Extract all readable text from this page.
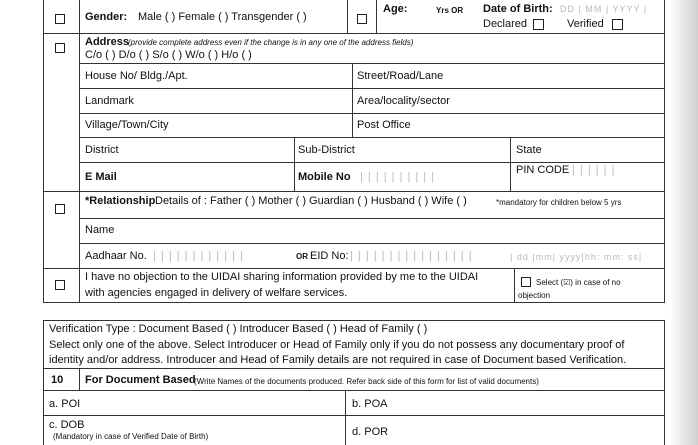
Gender: Male ( ) Female ( ) Transgender ( )
Age:	Yrs OR Date of Birth: DD | MM | YYYY |
Declared	Verified
Address
(provide complete address even if the change is in any one of the address fields)
C/o ( ) D/o ( ) S/o ( ) W/o ( ) H/o ( )
House No/ Bldg./Apt.	Street/Road/Lane
Landmark	Area/locality/sector
Village/Town/City	Post Office
District	Sub-District	State
E Mail	Mobile No | | | | | | | | | |
PIN CODE | | | | | |
*Relationship Details of : Father ( ) Mother ( ) Guardian ( ) Husband ( ) Wife ( )	*mandatory for children below 5 yrs
Name
Aadhaar No. | | | | | | | | | | | |	OR EID No: | | | | | | | | | | | | | | | |	| dd |mm| yyyy|hh: mm: ss|
I have no objection to the UIDAI sharing information provided by me to the UIDAI
with agencies engaged in delivery of welfare services.
Select (☑) in case of no
objection
Verification Type : Document Based ( ) Introducer Based ( ) Head of Family ( )
Select only one of the above. Select Introducer or Head of Family only if you do not possess any documentary proof of
identity and/or address. Introducer and Head of Family details are not required in case of Document based Verification.
10 For Document Based
(Write Names of the documents produced. Refer back side of this form for list of valid documents)
a. POI	b. POA
c. DOB
(Mandatory in case of Verified Date of Birth)	d. POR
